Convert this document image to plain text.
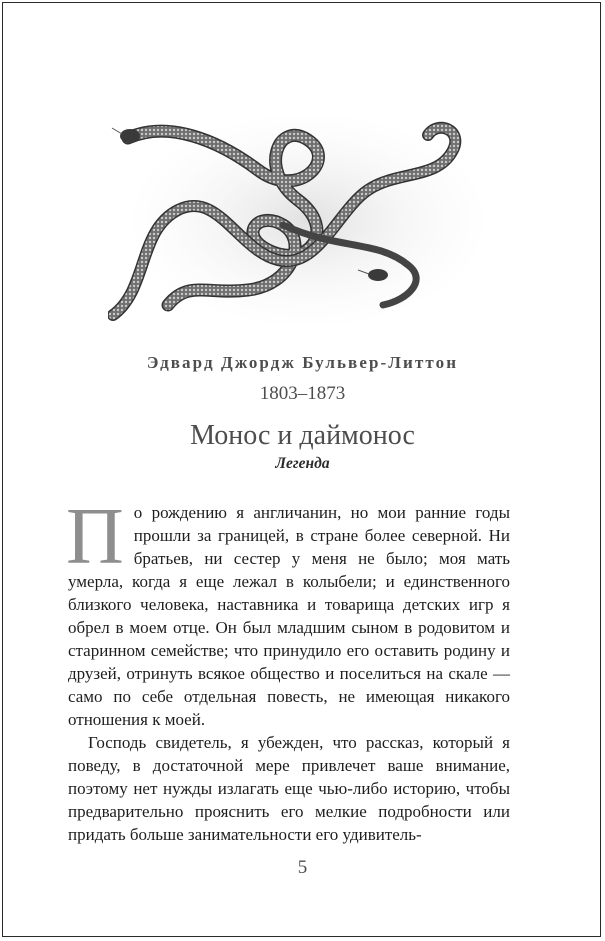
Эдвард Джордж Бульвер-Литтон
1803–1873
Монос и даймонос
Легенда

По рождению я англичанин, но мои ранние годы прошли за границей, в стране более северной. Ни братьев, ни сестер у меня не было; моя мать умерла, когда я еще лежал в колыбели; и единственного близкого человека, наставника и товарища детских игр я обрел в моем отце. Он был младшим сыном в родовитом и старинном семействе; что принудило его оставить родину и друзей, отринуть всякое общество и поселиться на скале — само по себе отдельная повесть, не имеющая никакого отношения к моей.

Господь свидетель, я убежден, что рассказ, который я поведу, в достаточной мере привлечет ваше внимание, поэтому нет нужды излагать еще чью-либо историю, чтобы предварительно прояснить его мелкие подробности или придать больше занимательности его удивитель-

5
